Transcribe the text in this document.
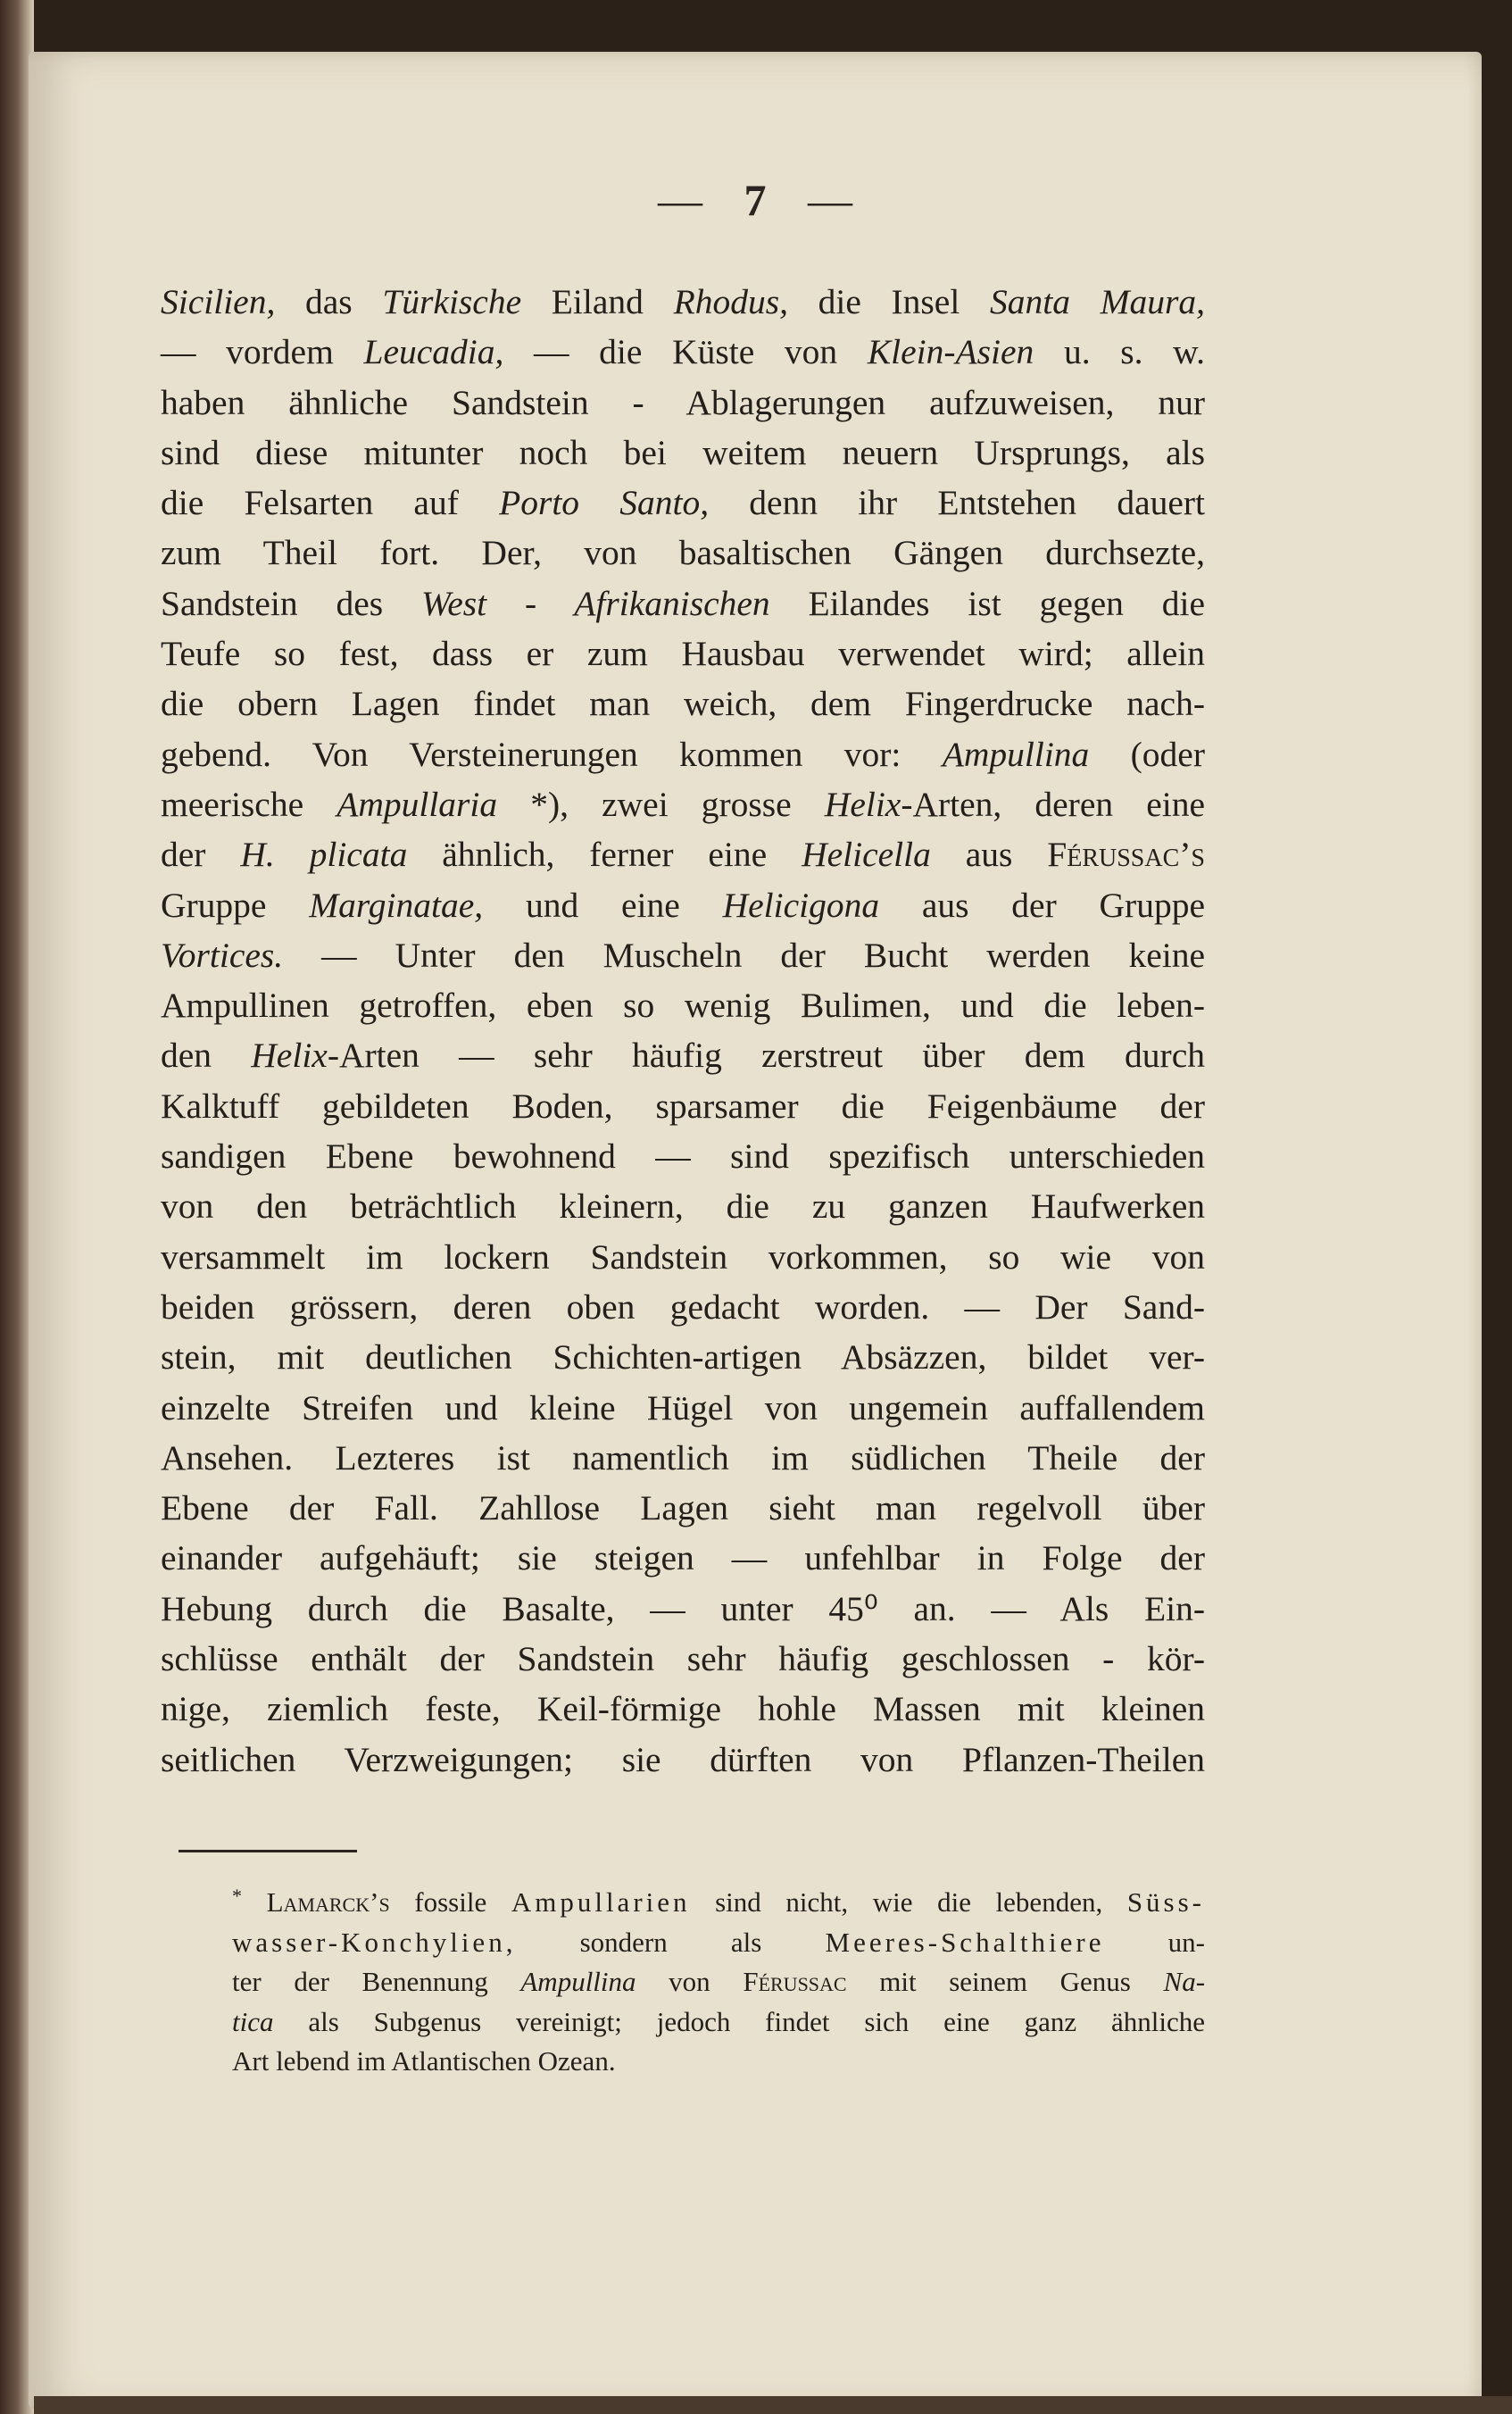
— 7 —
Sicilien, das Türkische Eiland Rhodus, die Insel Santa Maura,
— vordem Leucadia, — die Küste von Klein-Asien u. s. w.
haben ähnliche Sandstein - Ablagerungen aufzuweisen, nur
sind diese mitunter noch bei weitem neuern Ursprungs, als
die Felsarten auf Porto Santo, denn ihr Entstehen dauert
zum Theil fort. Der, von basaltischen Gängen durchsezte,
Sandstein des West - Afrikanischen Eilandes ist gegen die
Teufe so fest, dass er zum Hausbau verwendet wird; allein
die obern Lagen findet man weich, dem Fingerdrucke nach-
gebend. Von Versteinerungen kommen vor: Ampullina (oder
meerische Ampullaria *), zwei grosse Helix-Arten, deren eine
der H. plicata ähnlich, ferner eine Helicella aus Férussac’s
Gruppe Marginatae, und eine Helicigona aus der Gruppe
Vortices. — Unter den Muscheln der Bucht werden keine
Ampullinen getroffen, eben so wenig Bulimen, und die leben-
den Helix-Arten — sehr häufig zerstreut über dem durch
Kalktuff gebildeten Boden, sparsamer die Feigenbäume der
sandigen Ebene bewohnend — sind spezifisch unterschieden
von den beträchtlich kleinern, die zu ganzen Haufwerken
versammelt im lockern Sandstein vorkommen, so wie von
beiden grössern, deren oben gedacht worden. — Der Sand-
stein, mit deutlichen Schichten-artigen Absäzzen, bildet ver-
einzelte Streifen und kleine Hügel von ungemein auffallendem
Ansehen. Lezteres ist namentlich im südlichen Theile der
Ebene der Fall. Zahllose Lagen sieht man regelvoll über
einander aufgehäuft; sie steigen — unfehlbar in Folge der
Hebung durch die Basalte, — unter 45⁰ an. — Als Ein-
schlüsse enthält der Sandstein sehr häufig geschlossen - kör-
nige, ziemlich feste, Keil-förmige hohle Massen mit kleinen
seitlichen Verzweigungen; sie dürften von Pflanzen-Theilen
* Lamarck’s fossile Ampullarien sind nicht, wie die lebenden, Süss-
wasser-Konchylien, sondern als Meeres-Schalthiere un-
ter der Benennung Ampullina von Férussac mit seinem Genus Na-
tica als Subgenus vereinigt; jedoch findet sich eine ganz ähnliche
Art lebend im Atlantischen Ozean.
